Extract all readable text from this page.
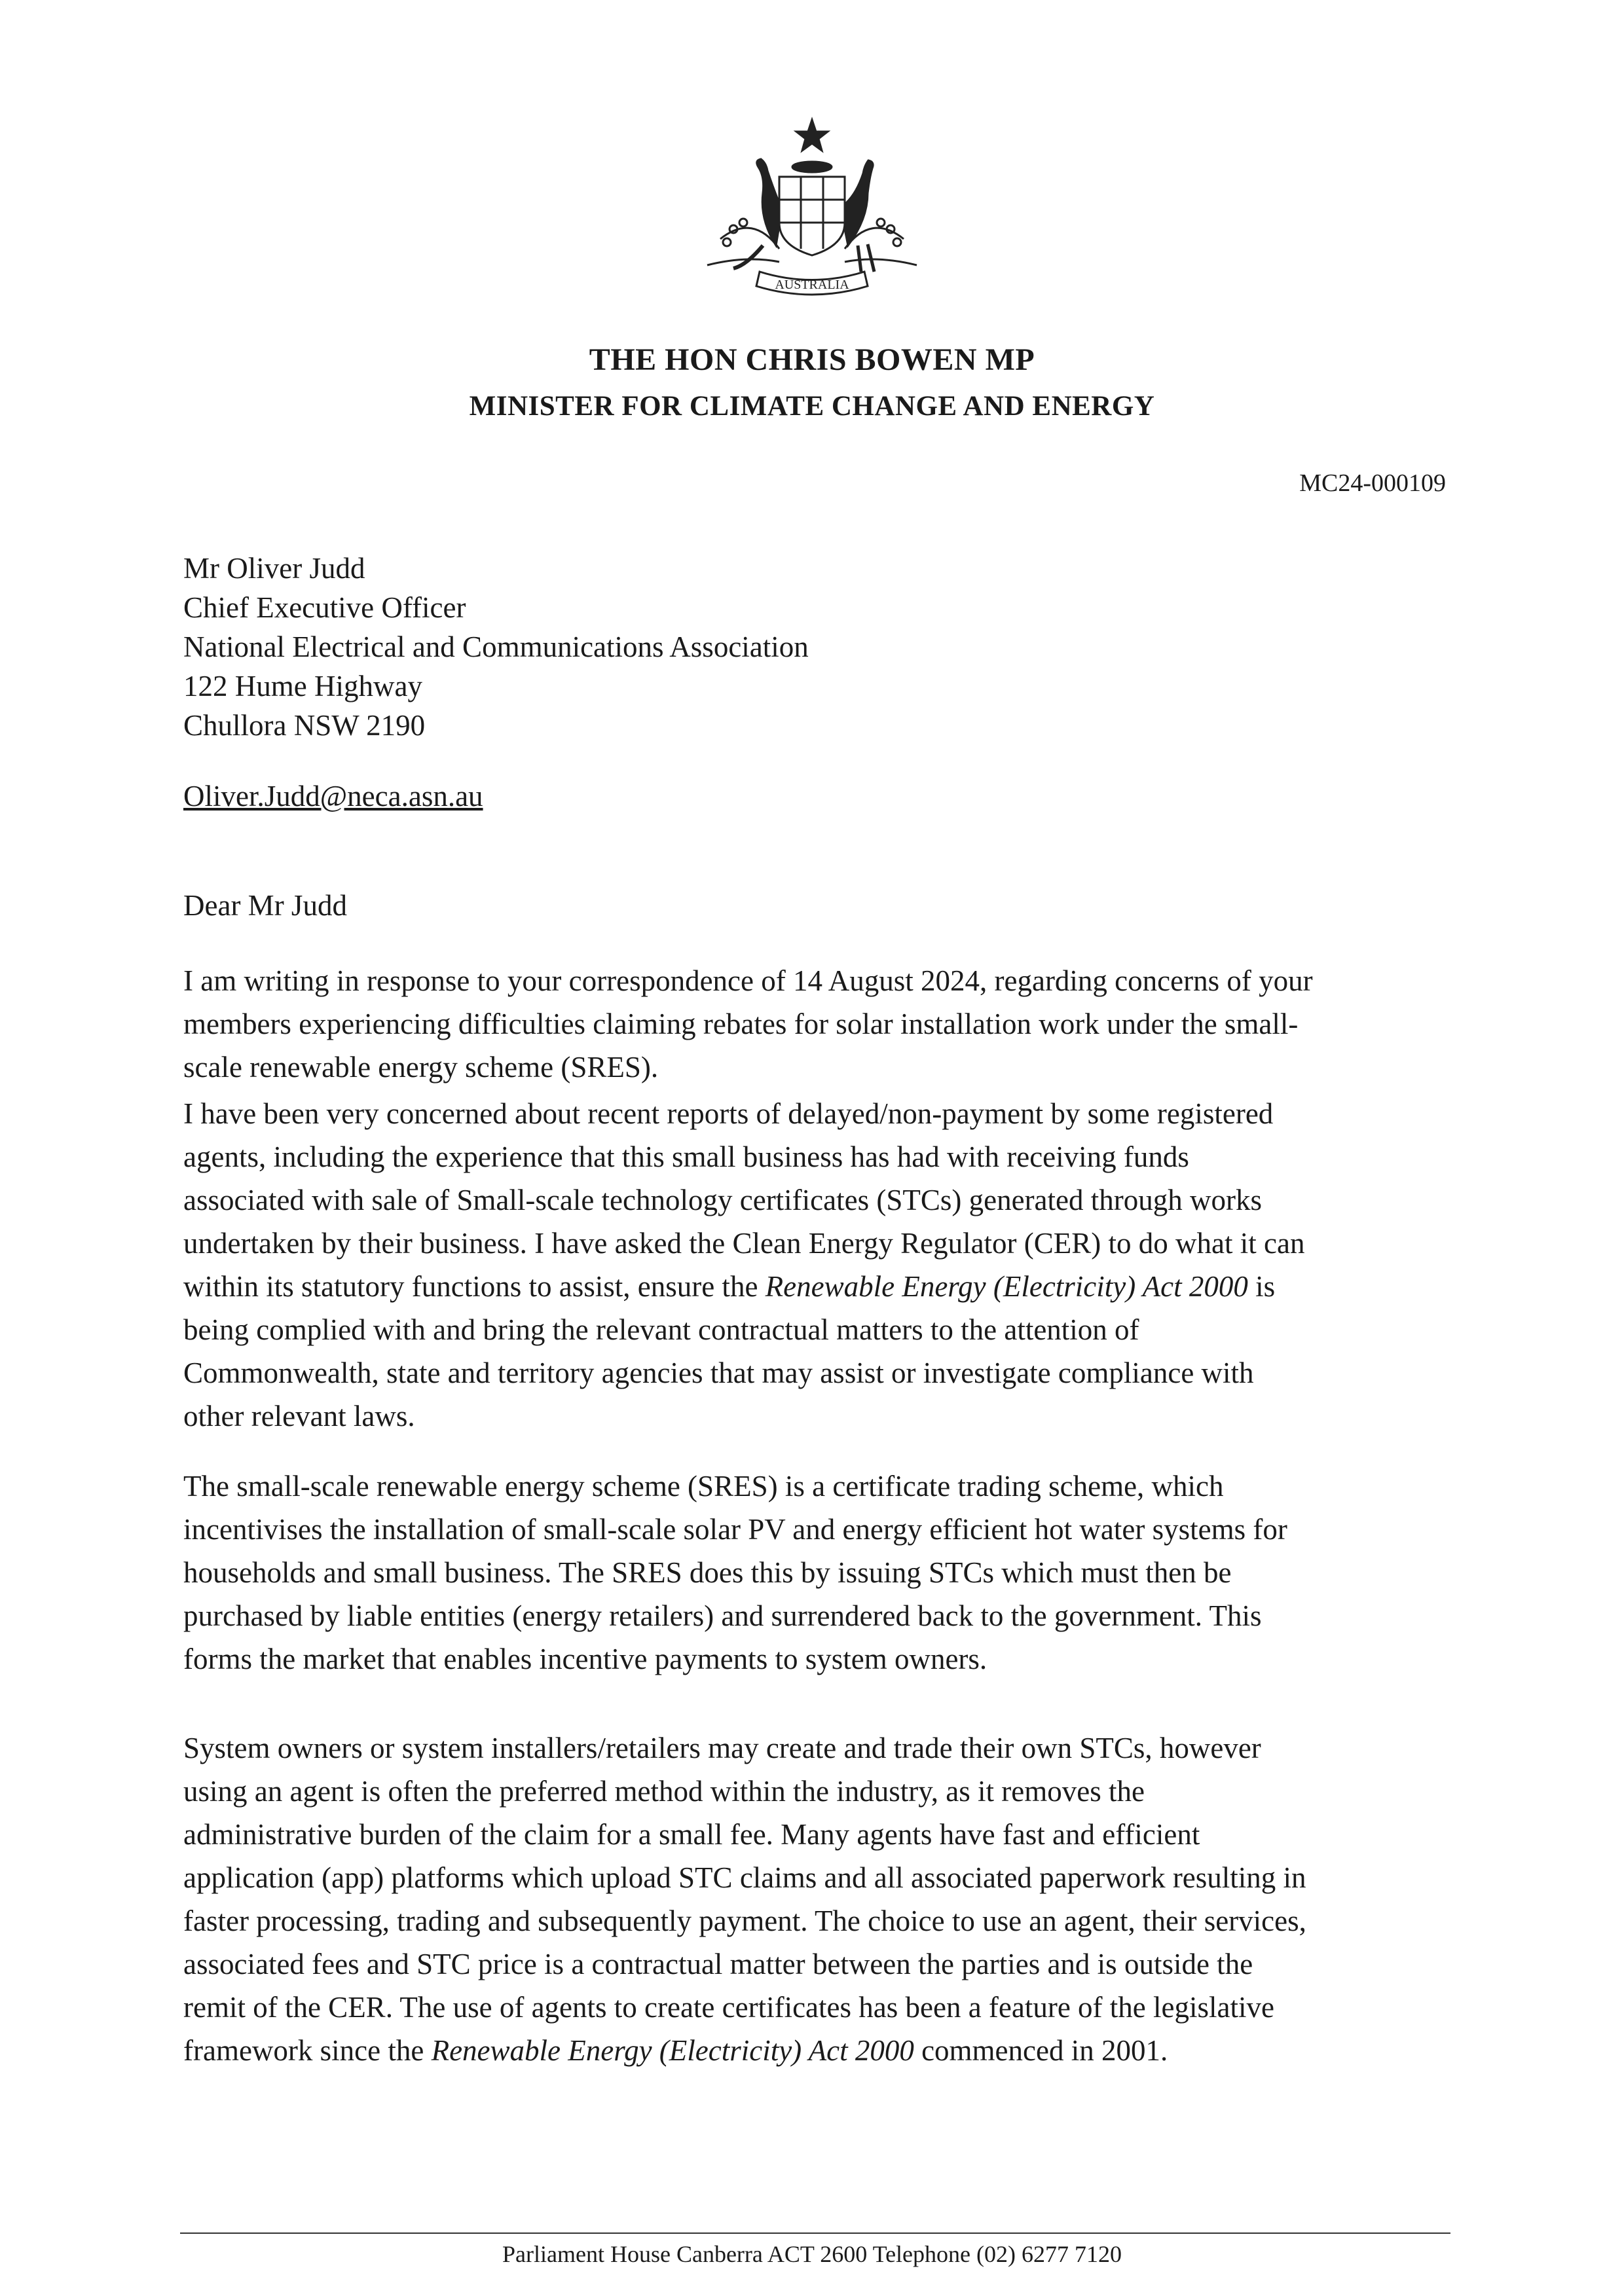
AUSTRALIA
THE HON CHRIS BOWEN MP
MINISTER FOR CLIMATE CHANGE AND ENERGY
MC24-000109
Mr Oliver Judd
Chief Executive Officer
National Electrical and Communications Association
122 Hume Highway
Chullora NSW 2190
Oliver.Judd@neca.asn.au
Dear Mr Judd
I am writing in response to your correspondence of 14 August 2024, regarding concerns of your
members experiencing difficulties claiming rebates for solar installation work under the small-
scale renewable energy scheme (SRES).
I have been very concerned about recent reports of delayed/non-payment by some registered
agents, including the experience that this small business has had with receiving funds
associated with sale of Small-scale technology certificates (STCs) generated through works
undertaken by their business. I have asked the Clean Energy Regulator (CER) to do what it can
within its statutory functions to assist, ensure the Renewable Energy (Electricity) Act 2000 is
being complied with and bring the relevant contractual matters to the attention of
Commonwealth, state and territory agencies that may assist or investigate compliance with
other relevant laws.
The small-scale renewable energy scheme (SRES) is a certificate trading scheme, which
incentivises the installation of small-scale solar PV and energy efficient hot water systems for
households and small business. The SRES does this by issuing STCs which must then be
purchased by liable entities (energy retailers) and surrendered back to the government. This
forms the market that enables incentive payments to system owners.
System owners or system installers/retailers may create and trade their own STCs, however
using an agent is often the preferred method within the industry, as it removes the
administrative burden of the claim for a small fee. Many agents have fast and efficient
application (app) platforms which upload STC claims and all associated paperwork resulting in
faster processing, trading and subsequently payment. The choice to use an agent, their services,
associated fees and STC price is a contractual matter between the parties and is outside the
remit of the CER. The use of agents to create certificates has been a feature of the legislative
framework since the Renewable Energy (Electricity) Act 2000 commenced in 2001.
Parliament House Canberra ACT 2600 Telephone (02) 6277 7120
